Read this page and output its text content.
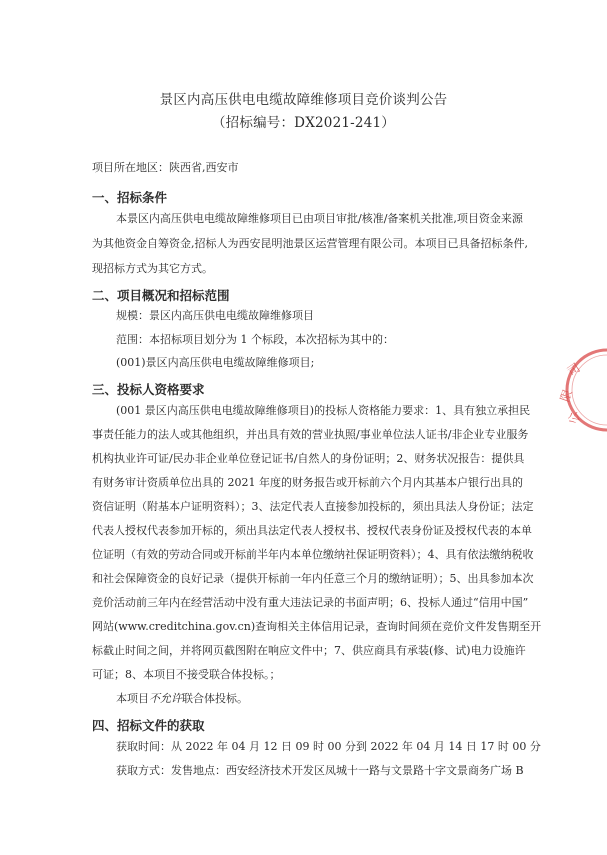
景区内高压供电电缆故障维修项目竞价谈判公告
（招标编号：DX2021-241）
项目所在地区：陕西省,西安市
一、招标条件
本景区内高压供电电缆故障维修项目已由项目审批/核准/备案机关批准,项目资金来源
为其他资金自筹资金,招标人为西安昆明池景区运营管理有限公司。本项目已具备招标条件,
现招标方式为其它方式。
二、项目概况和招标范围
规模：景区内高压供电电缆故障维修项目
范围：本招标项目划分为 1 个标段，本次招标为其中的：
(001)景区内高压供电电缆故障维修项目;
三、投标人资格要求
(001 景区内高压供电电缆故障维修项目)的投标人资格能力要求：1、具有独立承担民
事责任能力的法人或其他组织，并出具有效的营业执照/事业单位法人证书/非企业专业服务
机构执业许可证/民办非企业单位登记证书/自然人的身份证明；2、财务状况报告：提供具
有财务审计资质单位出具的 2021 年度的财务报告或开标前六个月内其基本户银行出具的
资信证明（附基本户证明资料）；3、法定代表人直接参加投标的，须出具法人身份证；法定
代表人授权代表参加开标的，须出具法定代表人授权书、授权代表身份证及授权代表的本单
位证明（有效的劳动合同或开标前半年内本单位缴纳社保证明资料）；4、具有依法缴纳税收
和社会保障资金的良好记录（提供开标前一年内任意三个月的缴纳证明）；5、出具参加本次
竞价活动前三年内在经营活动中没有重大违法记录的书面声明；6、投标人通过“信用中国”
网站(www.creditchina.gov.cn)查询相关主体信用记录，查询时间须在竞价文件发售期至开
标截止时间之间，并将网页截图附在响应文件中；7、供应商具有承装(修、试)电力设施许
可证；8、本项目不接受联合体投标。；
本项目不允许联合体投标。
四、招标文件的获取
获取时间：从 2022 年 04 月 12 日 09 时 00 分到 2022 年 04 月 14 日 17 时 00 分
获取方式：发售地点：西安经济技术开发区凤城十一路与文景路十字文景商务广场 B
司
限
公
